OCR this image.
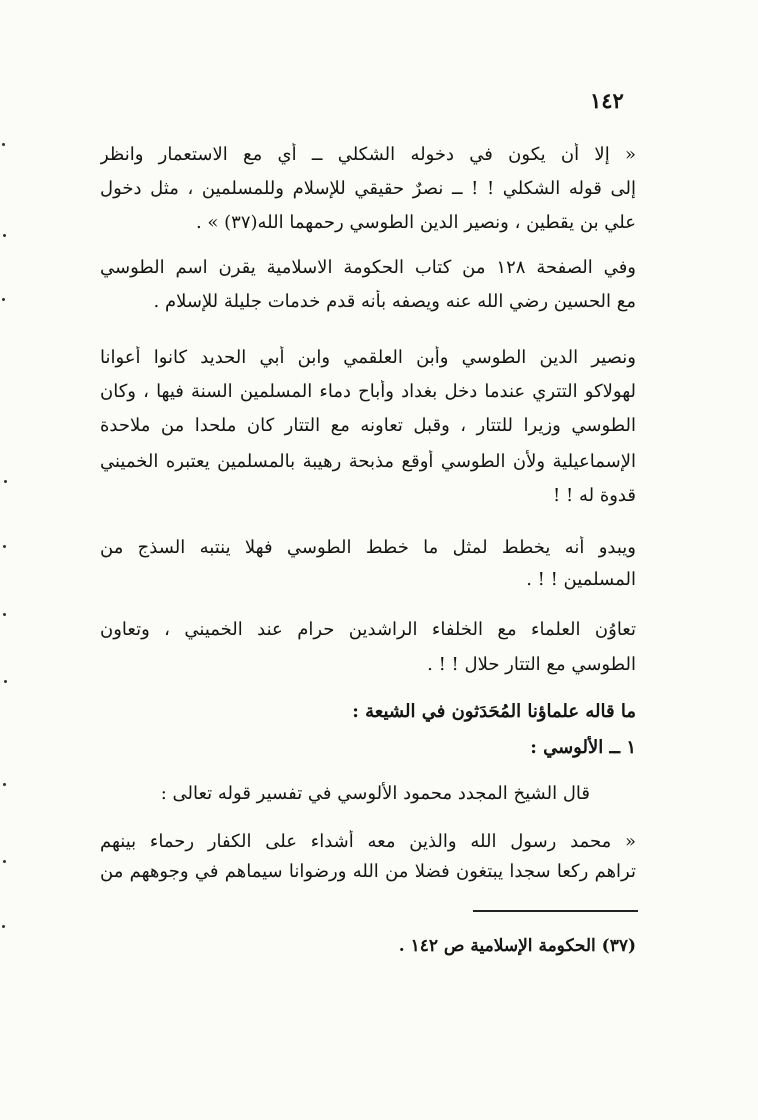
١٤٢
« إلا أن يكون في دخوله الشكلي ــ أي مع الاستعمار وانظر
إلى قوله الشكلي ! ! ــ نصرٌ حقيقي للإسلام وللمسلمين ، مثل دخول
علي بن يقطين ، ونصير الدين الطوسي رحمهما الله(٣٧) » .
وفي الصفحة ١٢٨ من كتاب الحكومة الاسلامية يقرن اسم الطوسي
مع الحسين رضي الله عنه ويصفه بأنه قدم خدمات جليلة للإسلام .
ونصير الدين الطوسي وأبن العلقمي وابن أبي الحديد كانوا أعوانا
لهولاكو التتري عندما دخل بغداد وأباح دماء المسلمين السنة فيها ، وكان
الطوسي وزيرا للتتار ، وقبل تعاونه مع التتار كان ملحدا من ملاحدة
الإسماعيلية ولأن الطوسي أوقع مذبحة رهيبة بالمسلمين يعتبره الخميني
قدوة له ! !
ويبدو أنه يخطط لمثل ما خطط الطوسي فهلا ينتبه السذج من
المسلمين ! ! .
تعاوُن العلماء مع الخلفاء الراشدين حرام عند الخميني ، وتعاون
الطوسي مع التتار حلال ! ! .
ما قاله علماؤنا المُحَدَثون في الشيعة :
١ ــ الألوسي :
قال الشيخ المجدد محمود الألوسي في تفسير قوله تعالى :
« محمد رسول الله والذين معه أشداء على الكفار رحماء بينهم
تراهم ركعا سجدا يبتغون فضلا من الله ورضوانا سيماهم في وجوههم من
(٣٧) الحكومة الإسلامية ص ١٤٢ .
